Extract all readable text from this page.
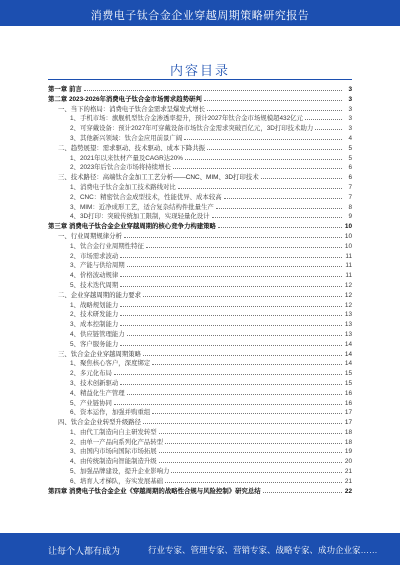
消费电子钛合金企业穿越周期策略研究报告
内容目录
第一章 前言	3
第二章 2023-2026年消费电子钛合金市场需求趋势研判	3
一、当下的格局：消费电子钛合金需求呈爆发式增长	3
1、手机市场：旗舰机型钛合金渗透率提升，预计2027年钛合金市场规模超432亿元	3
2、可穿戴设备：预计2027年可穿戴设备市场钛合金需求突破百亿元，3D打印技术助力	3
3、其他新兴领域：钛合金应用前景广阔	4
二、趋势展望：需求驱动、技术驱动、成本下降共振	5
1、2021年以来钛材产量及CAGR达20%	5
2、2023年后钛合金市场将持续增长	6
三、技术路径：高端钛合金加工工艺分析——CNC、MIM、3D打印技术	6
1、消费电子钛合金加工技术路线对比	7
2、CNC：精密钛合金成型技术，性能优异、成本较高	7
3、MIM：近净成形工艺，适合复杂结构件批量生产	8
4、3D打印：突破传统加工限制，实现轻量化设计	9
第三章 消费电子钛合金企业穿越周期的核心竞争力构建策略	10
一、行业周期规律分析	10
1、钛合金行业周期性特征	10
2、市场需求波动	11
3、产能与供给周期	11
4、价格波动规律	11
5、技术迭代周期	12
二、企业穿越周期的能力要求	12
1、战略规划能力	12
2、技术研发能力	13
3、成本控制能力	13
4、供应链管理能力	13
5、客户服务能力	14
三、钛合金企业穿越周期策略	14
1、聚焦核心客户，深度绑定	14
2、多元化布局	15
3、技术创新驱动	15
4、精益化生产管理	16
5、产业链协同	16
6、资本运作，加强并购重组	17
四、钛合金企业转型升级路径	17
1、由代工制造向自主研发转型	18
2、由单一产品向系列化产品转型	18
3、由国内市场向国际市场拓展	19
4、由传统制造向智能制造升级	20
5、加强品牌建设，提升企业影响力	21
6、培育人才梯队，夯实发展基础	21
第四章 消费电子钛合金企业《穿越周期的战略性合规与风险控制》研究总结	22
让每个人都有成为	行业专家、管理专家、营销专家、战略专家、成功企业家……
